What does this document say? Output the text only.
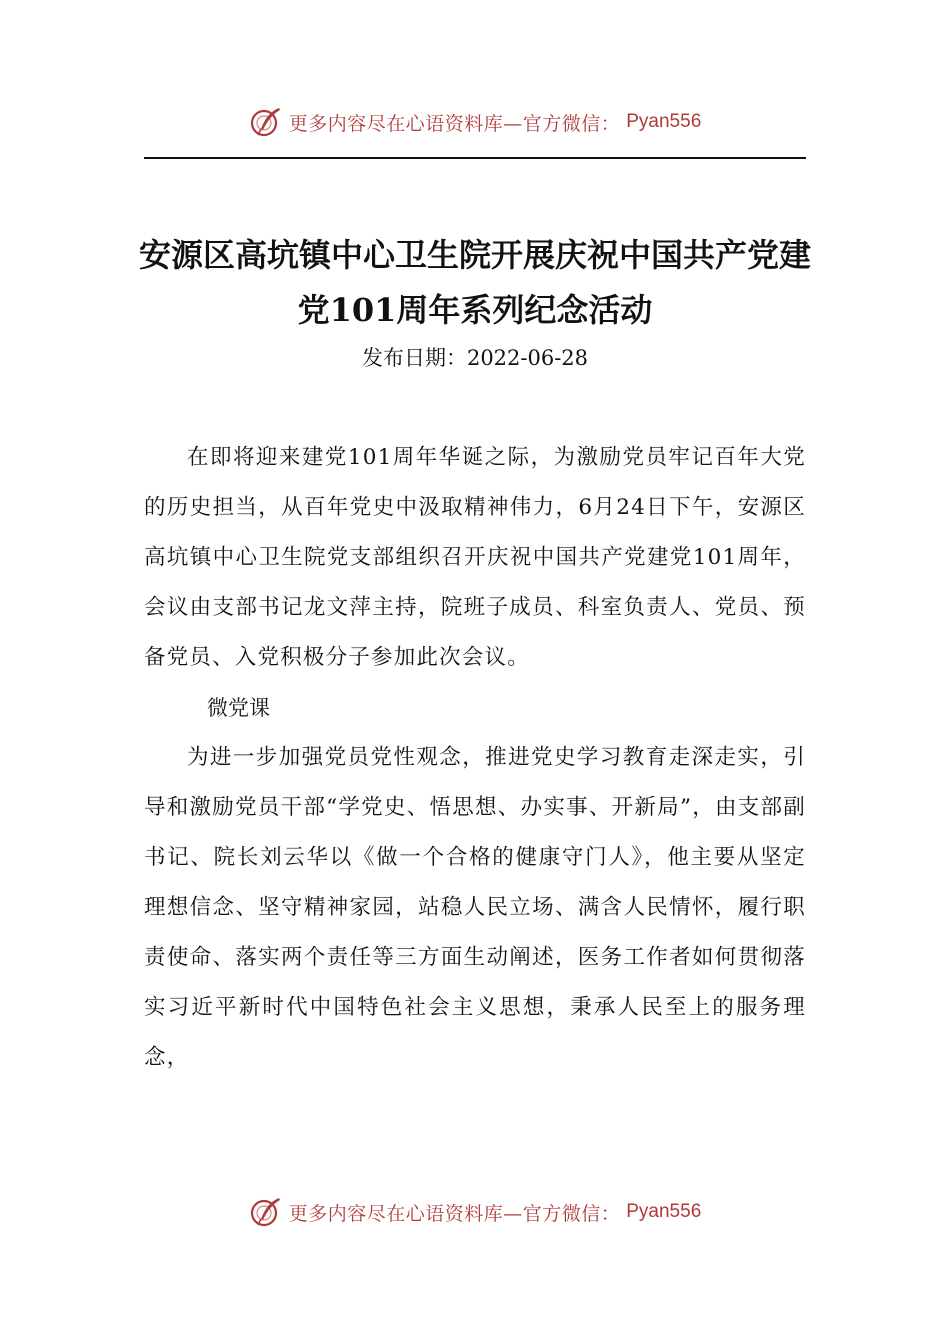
更多内容尽在心语资料库—官方微信： Pyan556
安源区高坑镇中心卫生院开展庆祝中国共产党建党101周年系列纪念活动
发布日期：2022-06-28

在即将迎来建党101周年华诞之际，为激励党员牢记百年大党的历史担当，从百年党史中汲取精神伟力，6月24日下午，安源区高坑镇中心卫生院党支部组织召开庆祝中国共产党建党101周年，会议由支部书记龙文萍主持，院班子成员、科室负责人、党员、预备党员、入党积极分子参加此次会议。

微党课

为进一步加强党员党性观念，推进党史学习教育走深走实，引导和激励党员干部“学党史、悟思想、办实事、开新局”，由支部副书记、院长刘云华以《做一个合格的健康守门人》，他主要从坚定理想信念、坚守精神家园，站稳人民立场、满含人民情怀，履行职责使命、落实两个责任等三方面生动阐述，医务工作者如何贯彻落实习近平新时代中国特色社会主义思想，秉承人民至上的服务理念，

更多内容尽在心语资料库—官方微信： Pyan556
